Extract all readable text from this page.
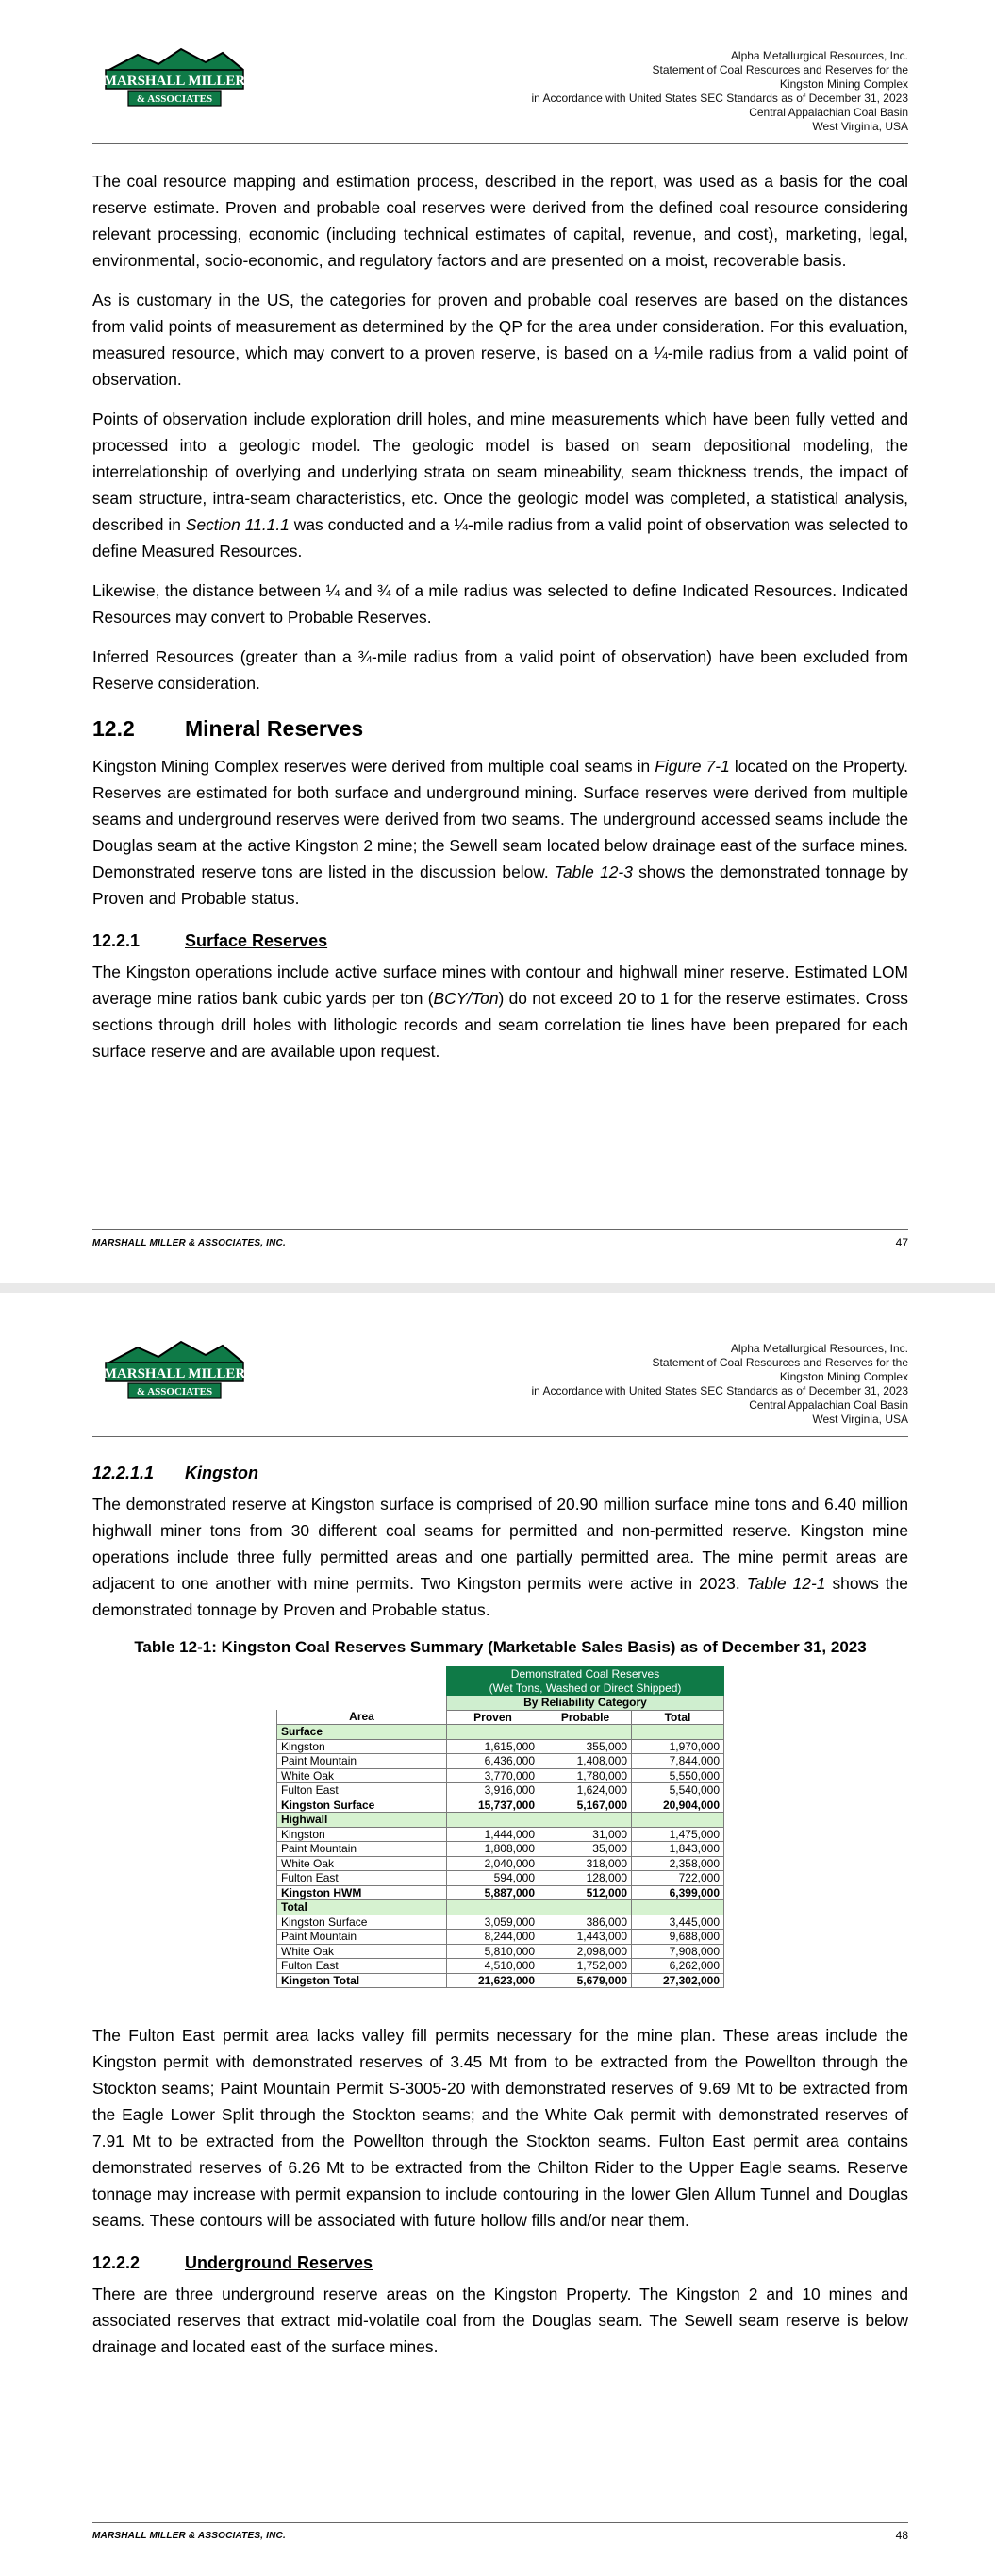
MARSHALL MILLER
& ASSOCIATES
Alpha Metallurgical Resources, Inc.
Statement of Coal Resources and Reserves for the
Kingston Mining Complex
in Accordance with United States SEC Standards as of December 31, 2023
Central Appalachian Coal Basin
West Virginia, USA

The coal resource mapping and estimation process, described in the report, was used as a basis for the coal reserve estimate. Proven and probable coal reserves were derived from the defined coal resource considering relevant processing, economic (including technical estimates of capital, revenue, and cost), marketing, legal, environmental, socio-economic, and regulatory factors and are presented on a moist, recoverable basis.

As is customary in the US, the categories for proven and probable coal reserves are based on the distances from valid points of measurement as determined by the QP for the area under consideration. For this evaluation, measured resource, which may convert to a proven reserve, is based on a ¼-mile radius from a valid point of observation.

Points of observation include exploration drill holes, and mine measurements which have been fully vetted and processed into a geologic model. The geologic model is based on seam depositional modeling, the interrelationship of overlying and underlying strata on seam mineability, seam thickness trends, the impact of seam structure, intra-seam characteristics, etc. Once the geologic model was completed, a statistical analysis, described in Section 11.1.1 was conducted and a ¼-mile radius from a valid point of observation was selected to define Measured Resources.

Likewise, the distance between ¼ and ¾ of a mile radius was selected to define Indicated Resources. Indicated Resources may convert to Probable Reserves.

Inferred Resources (greater than a ¾-mile radius from a valid point of observation) have been excluded from Reserve consideration.

12.2 Mineral Reserves

Kingston Mining Complex reserves were derived from multiple coal seams in Figure 7-1 located on the Property. Reserves are estimated for both surface and underground mining. Surface reserves were derived from multiple seams and underground reserves were derived from two seams. The underground accessed seams include the Douglas seam at the active Kingston 2 mine; the Sewell seam located below drainage east of the surface mines. Demonstrated reserve tons are listed in the discussion below. Table 12-3 shows the demonstrated tonnage by Proven and Probable status.

12.2.1	Surface Reserves

The Kingston operations include active surface mines with contour and highwall miner reserve. Estimated LOM average mine ratios bank cubic yards per ton (BCY/Ton) do not exceed 20 to 1 for the reserve estimates. Cross sections through drill holes with lithologic records and seam correlation tie lines have been prepared for each surface reserve and are available upon request.

MARSHALL MILLER & ASSOCIATES, INC.	47
MARSHALL MILLER
& ASSOCIATES
Alpha Metallurgical Resources, Inc.
Statement of Coal Resources and Reserves for the
Kingston Mining Complex
in Accordance with United States SEC Standards as of December 31, 2023
Central Appalachian Coal Basin
West Virginia, USA
12.2.1.1 Kingston

The demonstrated reserve at Kingston surface is comprised of 20.90 million surface mine tons and 6.40 million highwall miner tons from 30 different coal seams for permitted and non-permitted reserve. Kingston mine operations include three fully permitted areas and one partially permitted area. The mine permit areas are adjacent to one another with mine permits. Two Kingston permits were active in 2023. Table 12-1 shows the demonstrated tonnage by Proven and Probable status.

Table 12-1: Kingston Coal Reserves Summary (Marketable Sales Basis) as of December 31, 2023

	Demonstrated Coal Reserves
(Wet Tons, Washed or Direct Shipped)		

	By Reliability Category		
Area	Proven	Probable	Total
Surface			
Kingston	1,615,000	355,000	1,970,000
Paint Mountain	6,436,000	1,408,000	7,844,000
White Oak	3,770,000	1,780,000	5,550,000
Fulton East	3,916,000	1,624,000	5,540,000
Kingston Surface	15,737,000	5,167,000	20,904,000
Highwall			
Kingston	1,444,000	31,000	1,475,000
Paint Mountain	1,808,000	35,000	1,843,000
White Oak	2,040,000	318,000	2,358,000
Fulton East	594,000	128,000	722,000
Kingston HWM	5,887,000	512,000	6,399,000
Total			
Kingston Surface	3,059,000	386,000	3,445,000
Paint Mountain	8,244,000	1,443,000	9,688,000
White Oak	5,810,000	2,098,000	7,908,000
Fulton East	4,510,000	1,752,000	6,262,000
Kingston Total	21,623,000	5,679,000	27,302,000

The Fulton East permit area lacks valley fill permits necessary for the mine plan. These areas include the Kingston permit with demonstrated reserves of 3.45 Mt from to be extracted from the Powellton through the Stockton seams; Paint Mountain Permit S-3005-20 with demonstrated reserves of 9.69 Mt to be extracted from the Eagle Lower Split through the Stockton seams; and the White Oak permit with demonstrated reserves of 7.91 Mt to be extracted from the Powellton through the Stockton seams. Fulton East permit area contains demonstrated reserves of 6.26 Mt to be extracted from the Chilton Rider to the Upper Eagle seams. Reserve tonnage may increase with permit expansion to include contouring in the lower Glen Allum Tunnel and Douglas seams. These contours will be associated with future hollow fills and/or near them.

12.2.2	Underground Reserves

There are three underground reserve areas on the Kingston Property. The Kingston 2 and 10 mines and associated reserves that extract mid-volatile coal from the Douglas seam. The Sewell seam reserve is below drainage and located east of the surface mines.

MARSHALL MILLER & ASSOCIATES, INC.	48
